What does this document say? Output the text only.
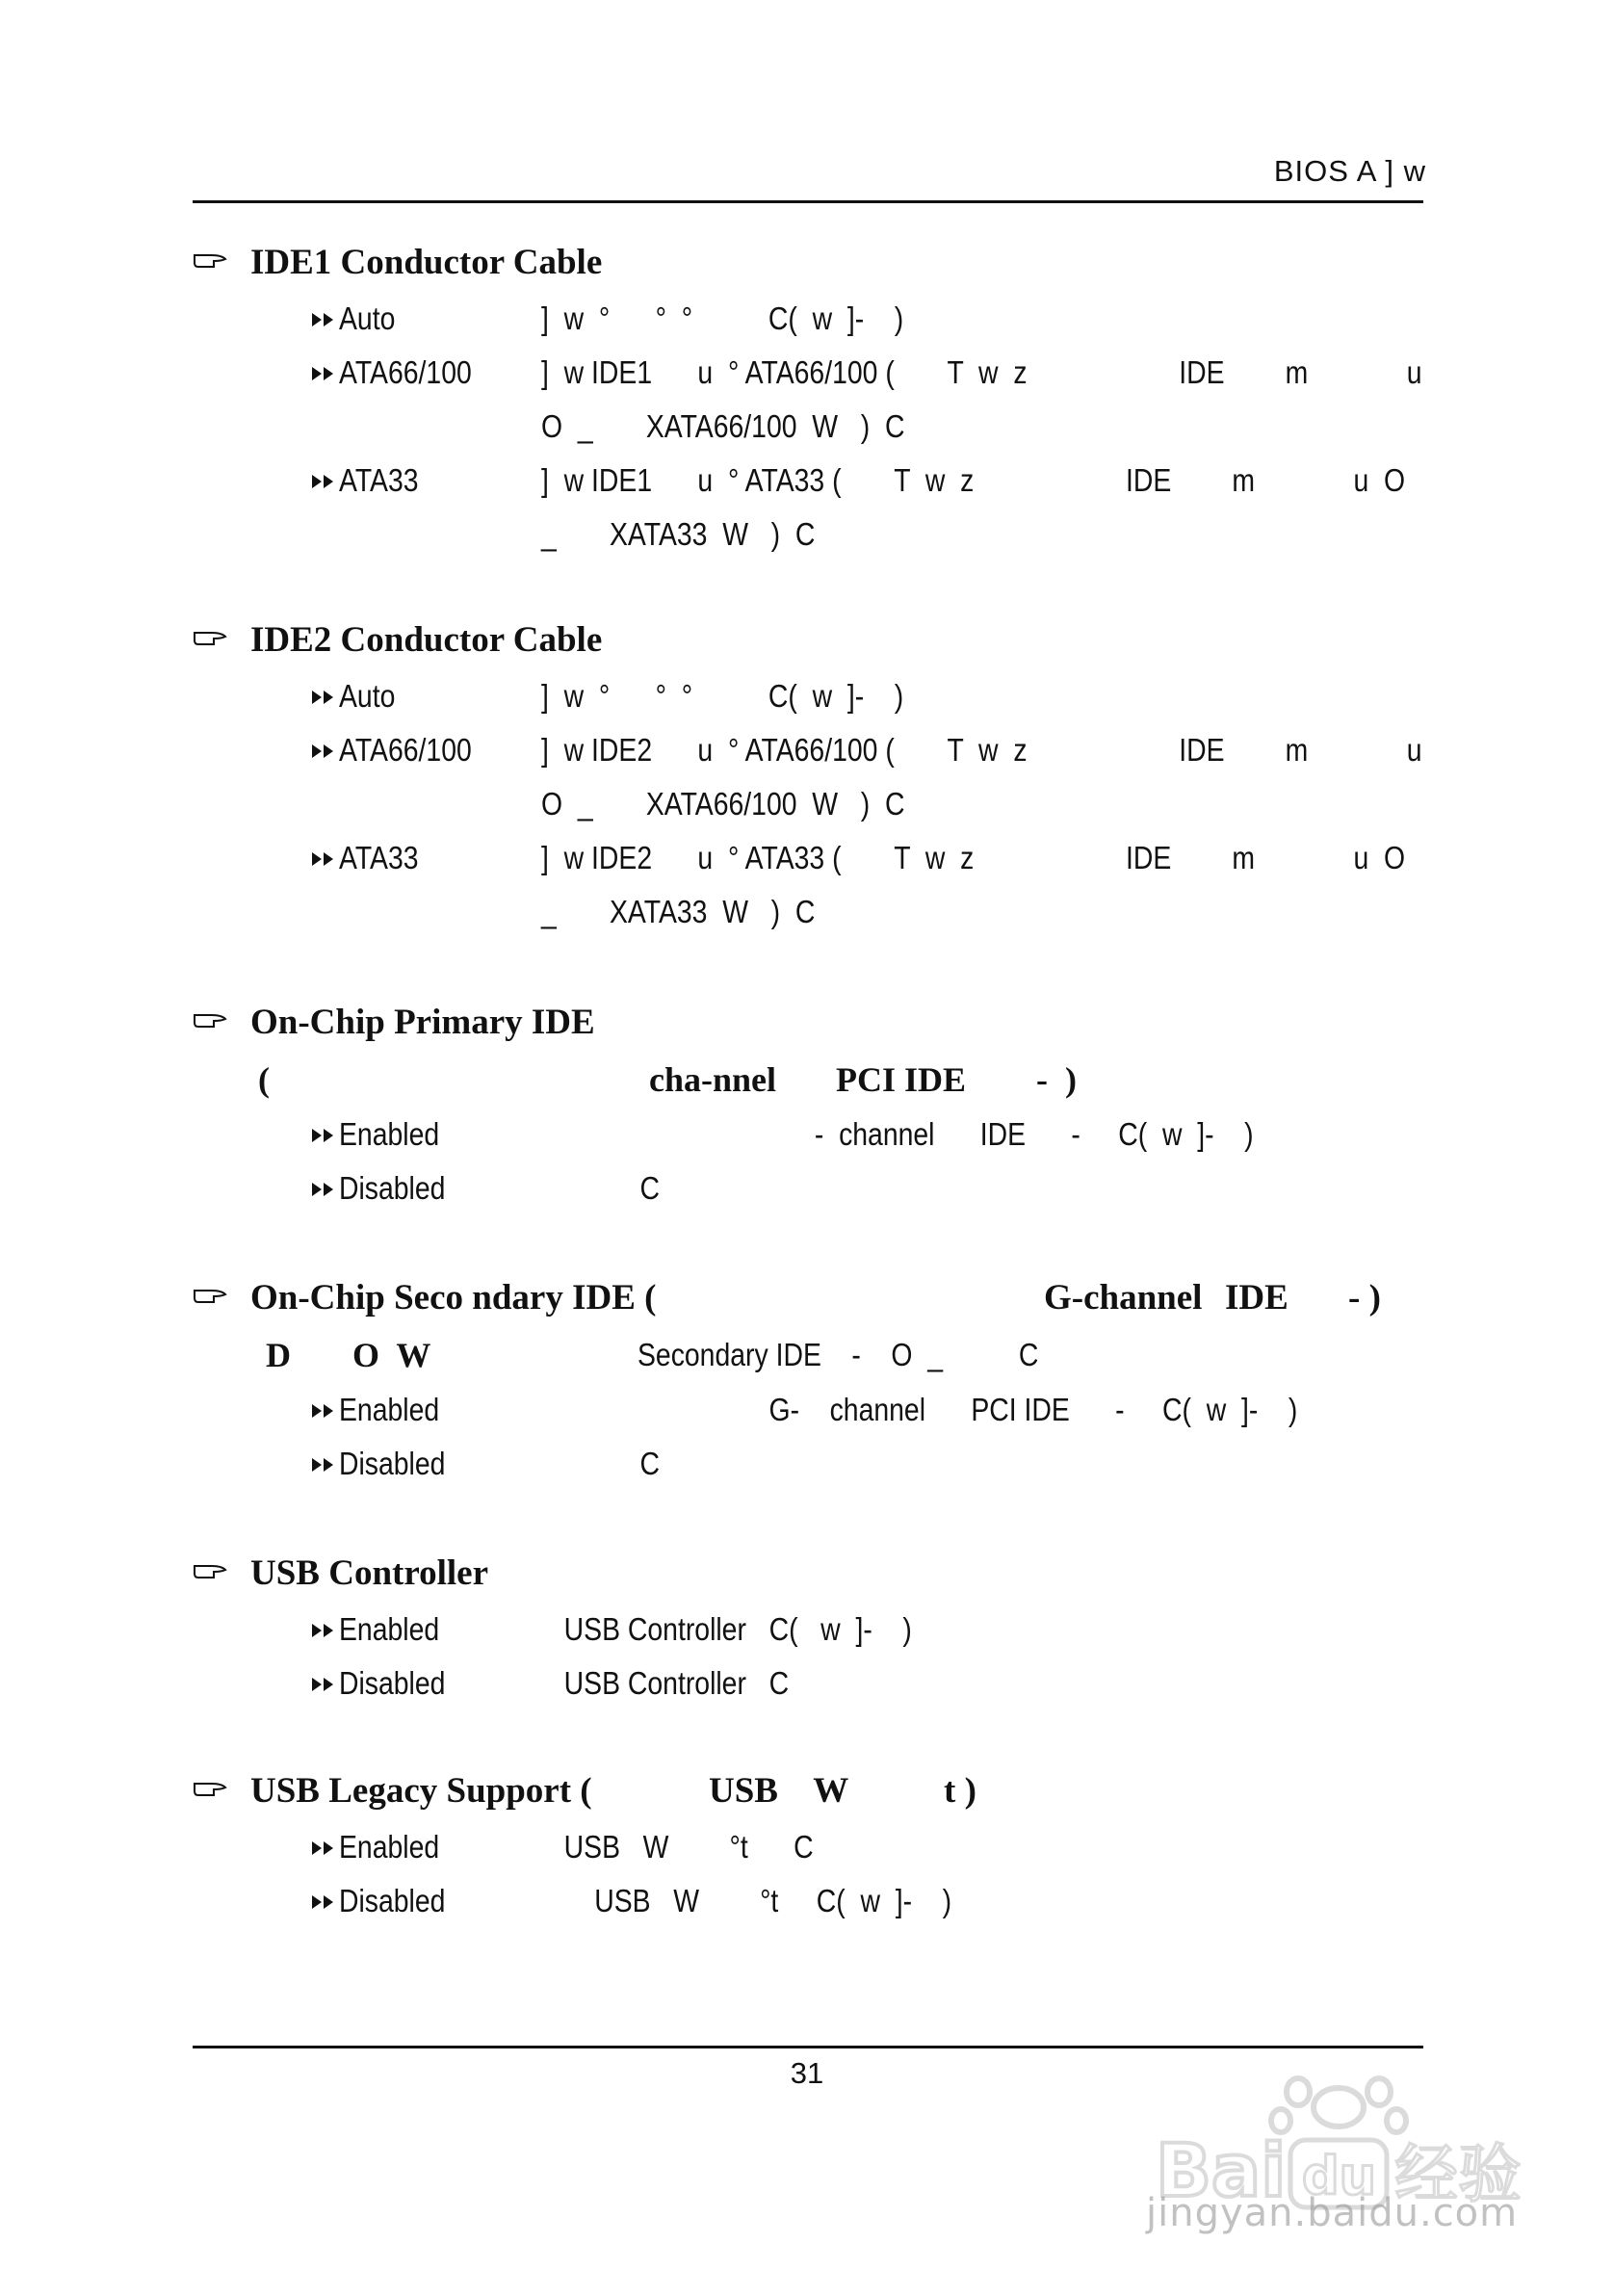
BIOS A ] w
IDE1 Conductor Cable
Auto	]  w  °      °  °          C(  w  ]-    )
ATA66/100 ]  w IDE1      u  ° ATA66/100 (       T  w  z                    IDE        m             u
O  _       XATA66/100  W   )  C
ATA33	]  w IDE1      u  ° ATA33 (       T  w  z                    IDE        m             u  O
_       XATA33  W   )  C
IDE2 Conductor Cable
Auto	]  w  °      °  °          C(  w  ]-    )
ATA66/100 ]  w IDE2      u  ° ATA66/100 (       T  w  z                    IDE        m             u
O  _       XATA66/100  W   )  C
ATA33	]  w IDE2      u  ° ATA33 (       T  w  z                    IDE        m             u  O
_       XATA33  W   )  C
On-Chip Primary IDE
(	cha-nnel PCI IDE -  )
Enabled	-  channel      IDE      -     C(  w  ]-    )
Disabled	C
On-Chip Seco ndary IDE (	G-channel IDE - )
D O  W	Secondary IDE    -    O  _          C
Enabled	G-    channel      PCI IDE      -     C(  w  ]-    )
Disabled	C
USB Controller
Enabled	USB Controller   C(   w  ]-    )
Disabled	USB Controller   C
USB Legacy Support (	USB    W	t )
Enabled	USB   W        °t      C
Disabled	USB   W        °t     C(  w  ]-    )
31
Bai du 经验
jingyan.baidu.com
